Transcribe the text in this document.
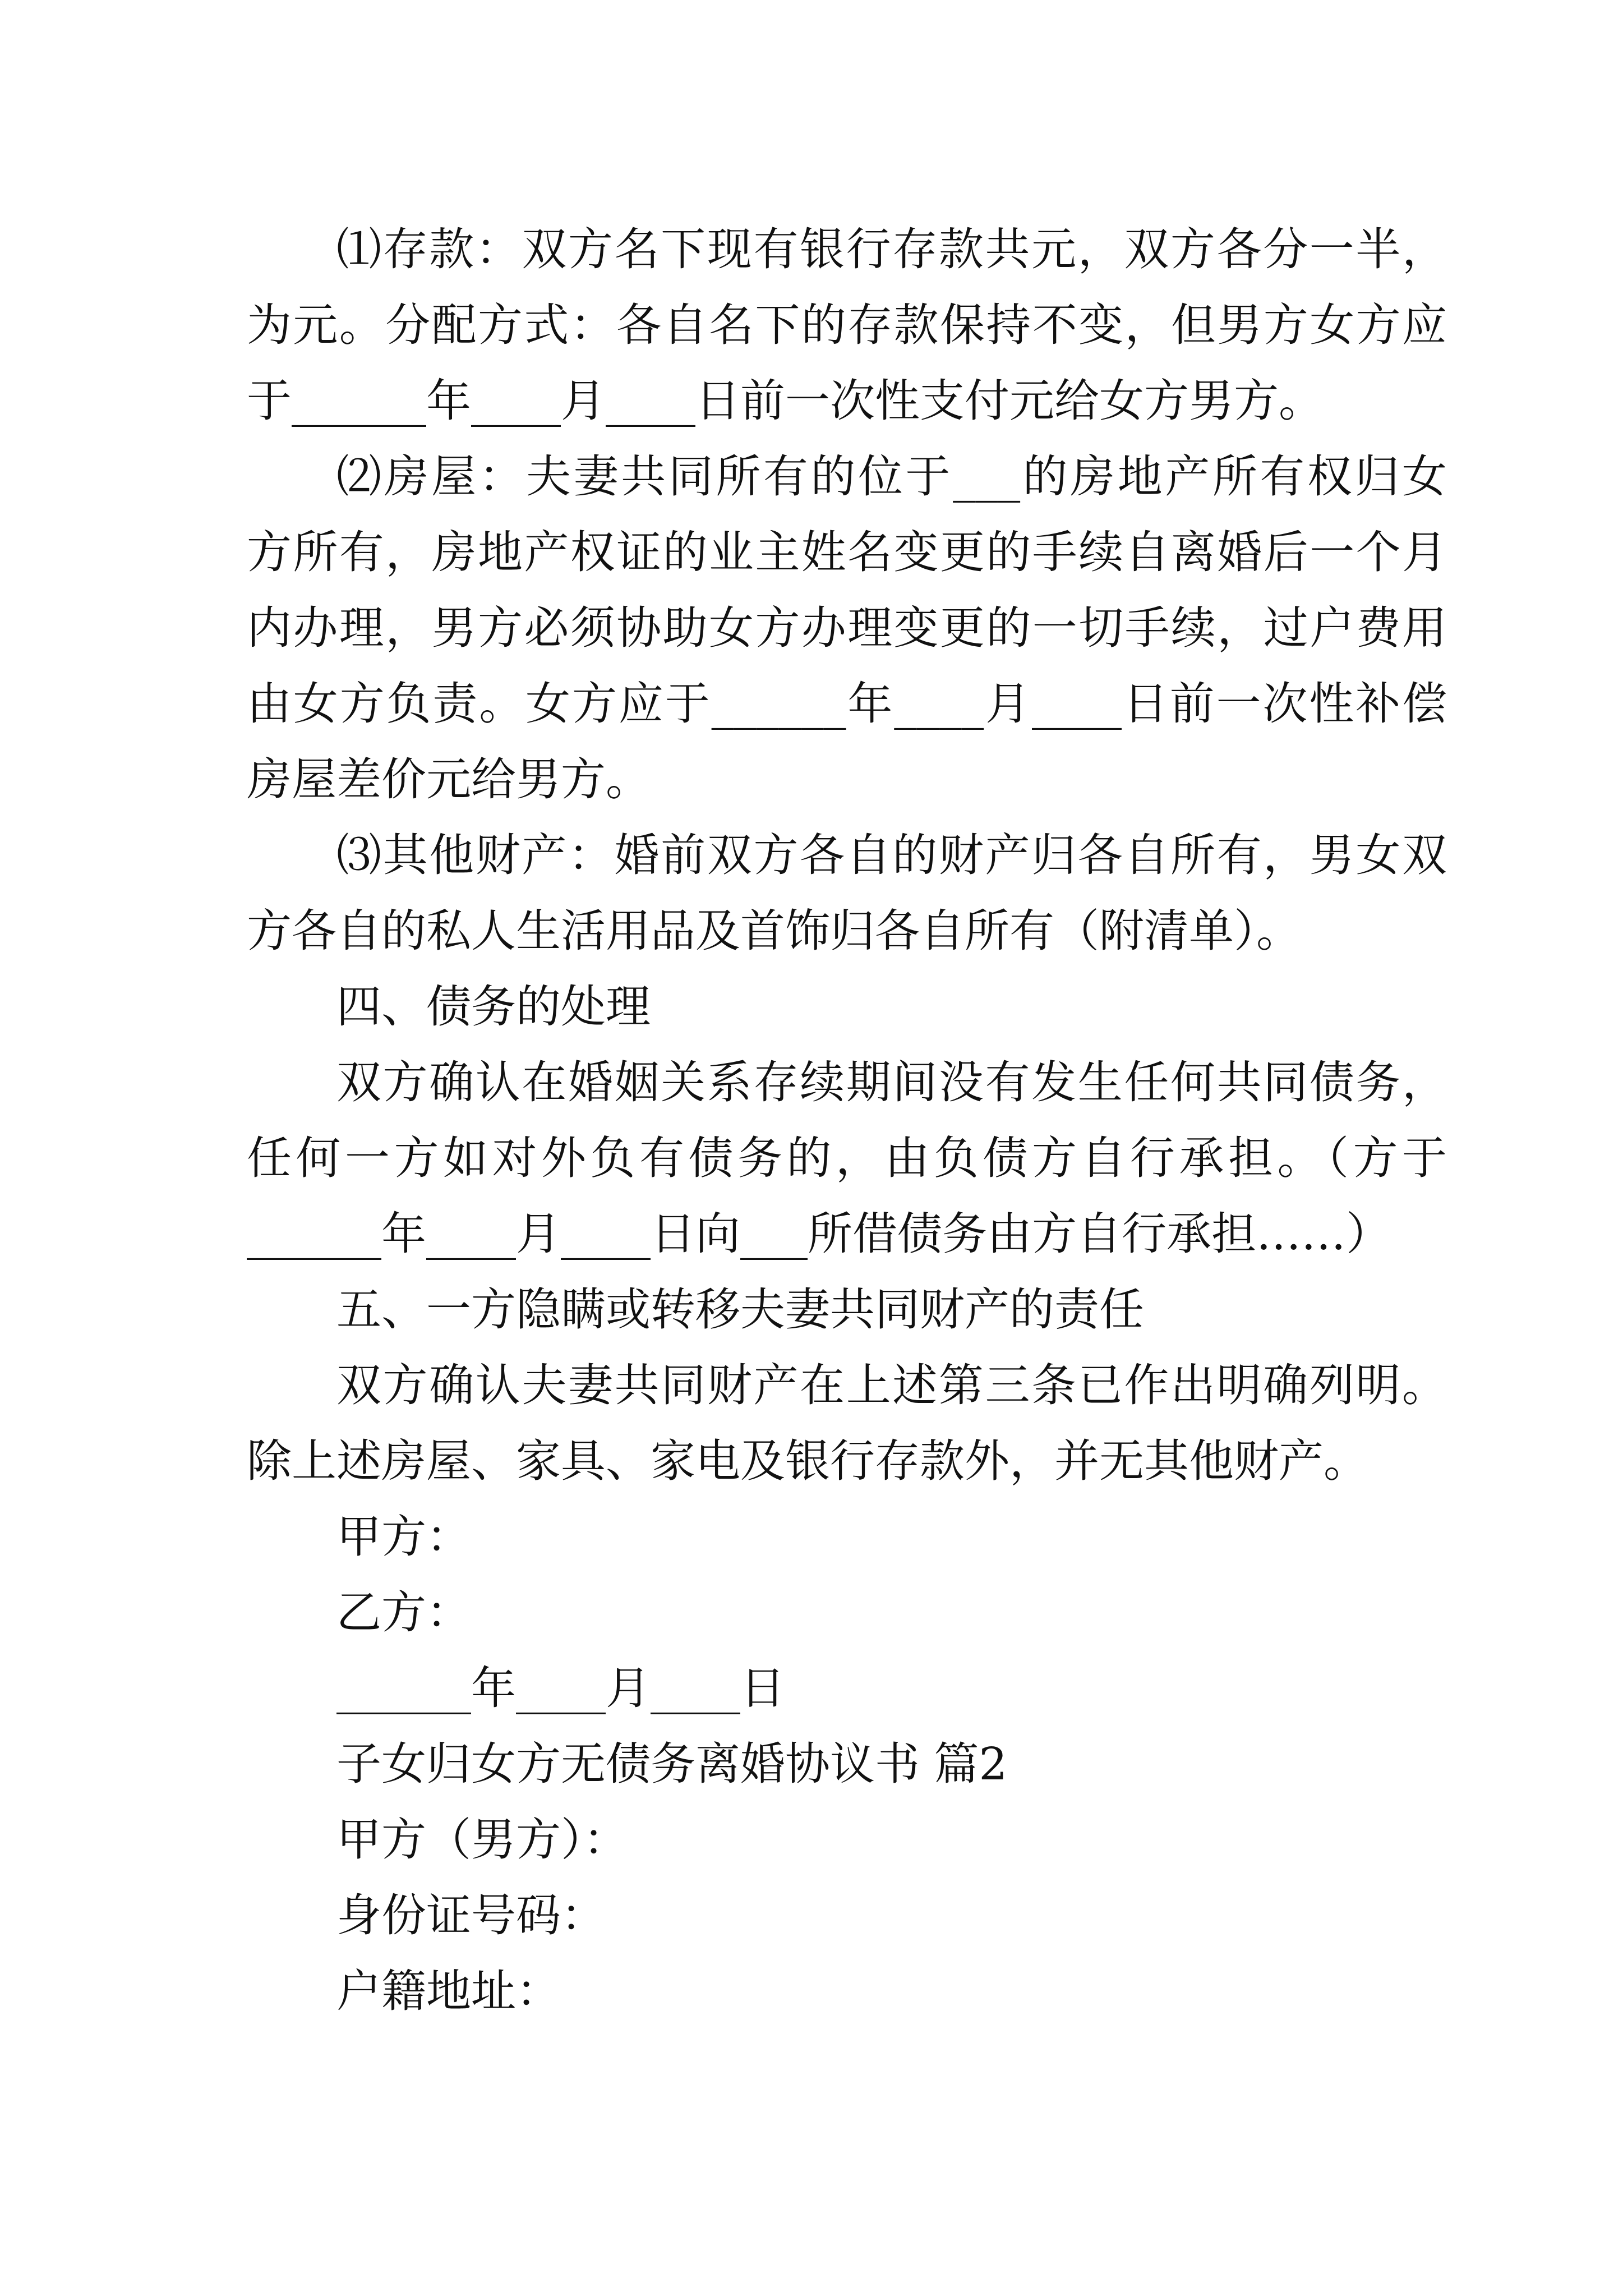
⑴存款：双方名下现有银行存款共元，双方各分一半，
为元。分配方式：各自名下的存款保持不变，但男方女方应
于______年____月____日前一次性支付元给女方男方。
⑵房屋：夫妻共同所有的位于___的房地产所有权归女
方所有，房地产权证的业主姓名变更的手续自离婚后一个月
内办理，男方必须协助女方办理变更的一切手续，过户费用
由女方负责。女方应于______年____月____日前一次性补偿
房屋差价元给男方。
⑶其他财产：婚前双方各自的财产归各自所有，男女双
方各自的私人生活用品及首饰归各自所有（附清单）。
四、债务的处理
双方确认在婚姻关系存续期间没有发生任何共同债务，
任何一方如对外负有债务的，由负债方自行承担。（方于
______年____月____日向___所借债务由方自行承担……）
五、一方隐瞒或转移夫妻共同财产的责任
双方确认夫妻共同财产在上述第三条已作出明确列明。
除上述房屋、家具、家电及银行存款外，并无其他财产。
甲方：
乙方：
______年____月____日
子女归女方无债务离婚协议书 篇2
甲方（男方）：
身份证号码：
户籍地址：
